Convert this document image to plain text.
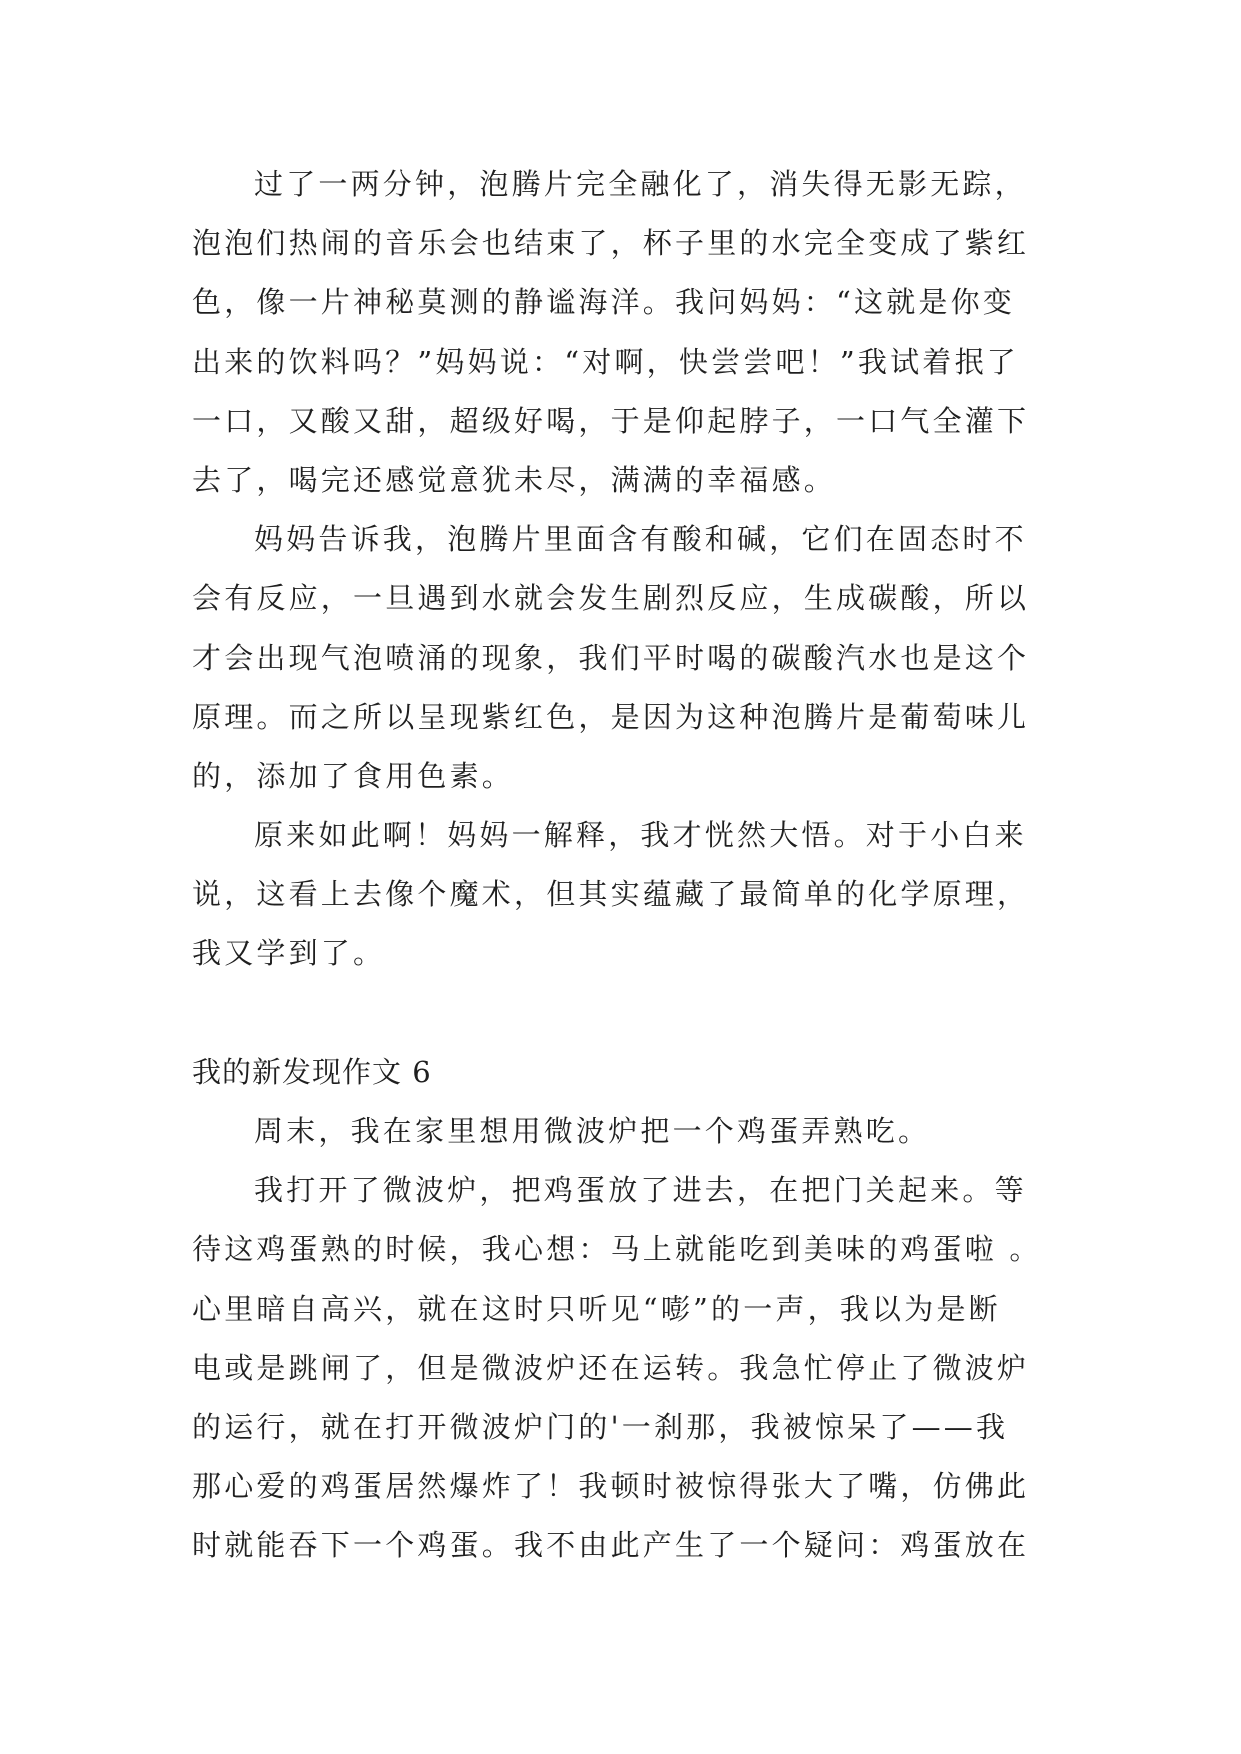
过了一两分钟，泡腾片完全融化了，消失得无影无踪，
泡泡们热闹的音乐会也结束了，杯子里的水完全变成了紫红
色，像一片神秘莫测的静谧海洋。我问妈妈：“这就是你变
出来的饮料吗？”妈妈说：“对啊，快尝尝吧！”我试着抿了
一口，又酸又甜，超级好喝，于是仰起脖子，一口气全灌下
去了，喝完还感觉意犹未尽，满满的幸福感。
妈妈告诉我，泡腾片里面含有酸和碱，它们在固态时不
会有反应，一旦遇到水就会发生剧烈反应，生成碳酸，所以
才会出现气泡喷涌的现象，我们平时喝的碳酸汽水也是这个
原理。而之所以呈现紫红色，是因为这种泡腾片是葡萄味儿
的，添加了食用色素。
原来如此啊！妈妈一解释，我才恍然大悟。对于小白来
说，这看上去像个魔术，但其实蕴藏了最简单的化学原理，
我又学到了。
我的新发现作文 6
周末，我在家里想用微波炉把一个鸡蛋弄熟吃。
我打开了微波炉，把鸡蛋放了进去，在把门关起来。等
待这鸡蛋熟的时候，我心想：马上就能吃到美味的鸡蛋啦 。
心里暗自高兴，就在这时只听见“嘭”的一声，我以为是断
电或是跳闸了，但是微波炉还在运转。我急忙停止了微波炉
的运行，就在打开微波炉门的'一刹那，我被惊呆了——我
那心爱的鸡蛋居然爆炸了！我顿时被惊得张大了嘴，仿佛此
时就能吞下一个鸡蛋。我不由此产生了一个疑问：鸡蛋放在
